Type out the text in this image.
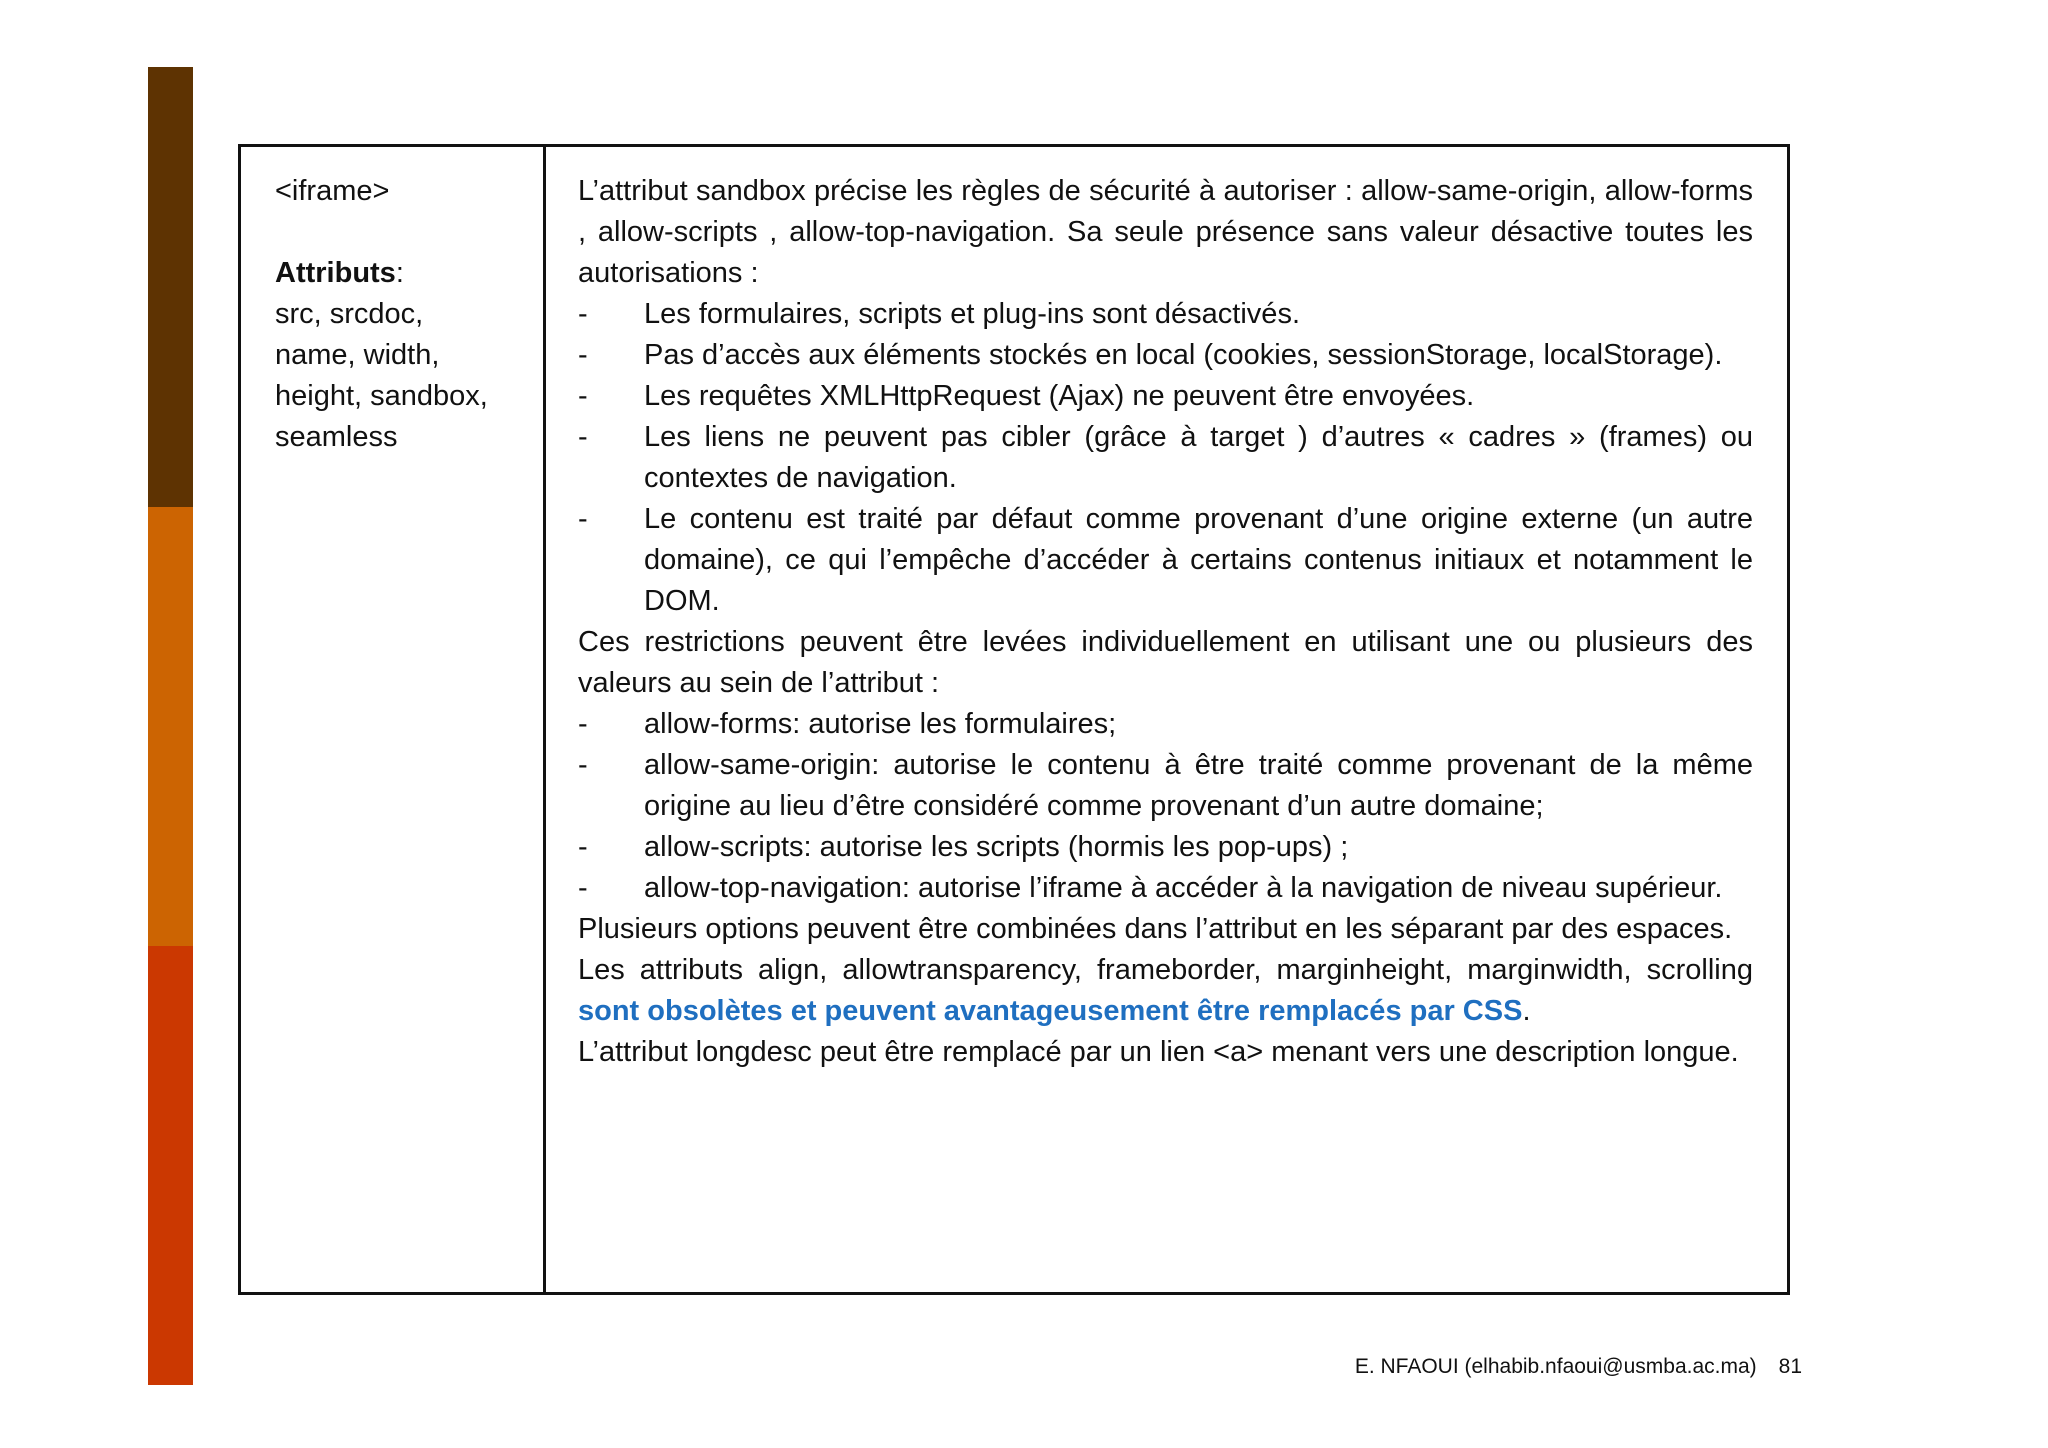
<iframe>
Attributs:
src, srcdoc,
name, width,
height, sandbox,
seamless
L’attribut sandbox précise les règles de sécurité à autoriser : allow-same-origin, allow-forms , allow-scripts , allow-top-navigation. Sa seule présence sans valeur désactive toutes les autorisations :
- Les formulaires, scripts et plug-ins sont désactivés.
- Pas d’accès aux éléments stockés en local (cookies, sessionStorage, localStorage).
- Les requêtes XMLHttpRequest (Ajax) ne peuvent être envoyées.
- Les liens ne peuvent pas cibler (grâce à target ) d’autres « cadres » (frames) ou contextes de navigation.
- Le contenu est traité par défaut comme provenant d’une origine externe (un autre domaine), ce qui l’empêche d’accéder à certains contenus initiaux et notamment le DOM.
Ces restrictions peuvent être levées individuellement en utilisant une ou plusieurs des valeurs au sein de l’attribut :
- allow-forms: autorise les formulaires;
- allow-same-origin: autorise le contenu à être traité comme provenant de la même origine au lieu d’être considéré comme provenant d’un autre domaine;
- allow-scripts: autorise les scripts (hormis les pop-ups) ;
- allow-top-navigation: autorise l’iframe à accéder à la navigation de niveau supérieur.
Plusieurs options peuvent être combinées dans l’attribut en les séparant par des espaces.
Les attributs align, allowtransparency, frameborder, marginheight, marginwidth, scrolling sont obsolètes et peuvent avantageusement être remplacés par CSS.
L’attribut longdesc peut être remplacé par un lien <a> menant vers une description longue.
E. NFAOUI (elhabib.nfaoui@usmba.ac.ma) 81
